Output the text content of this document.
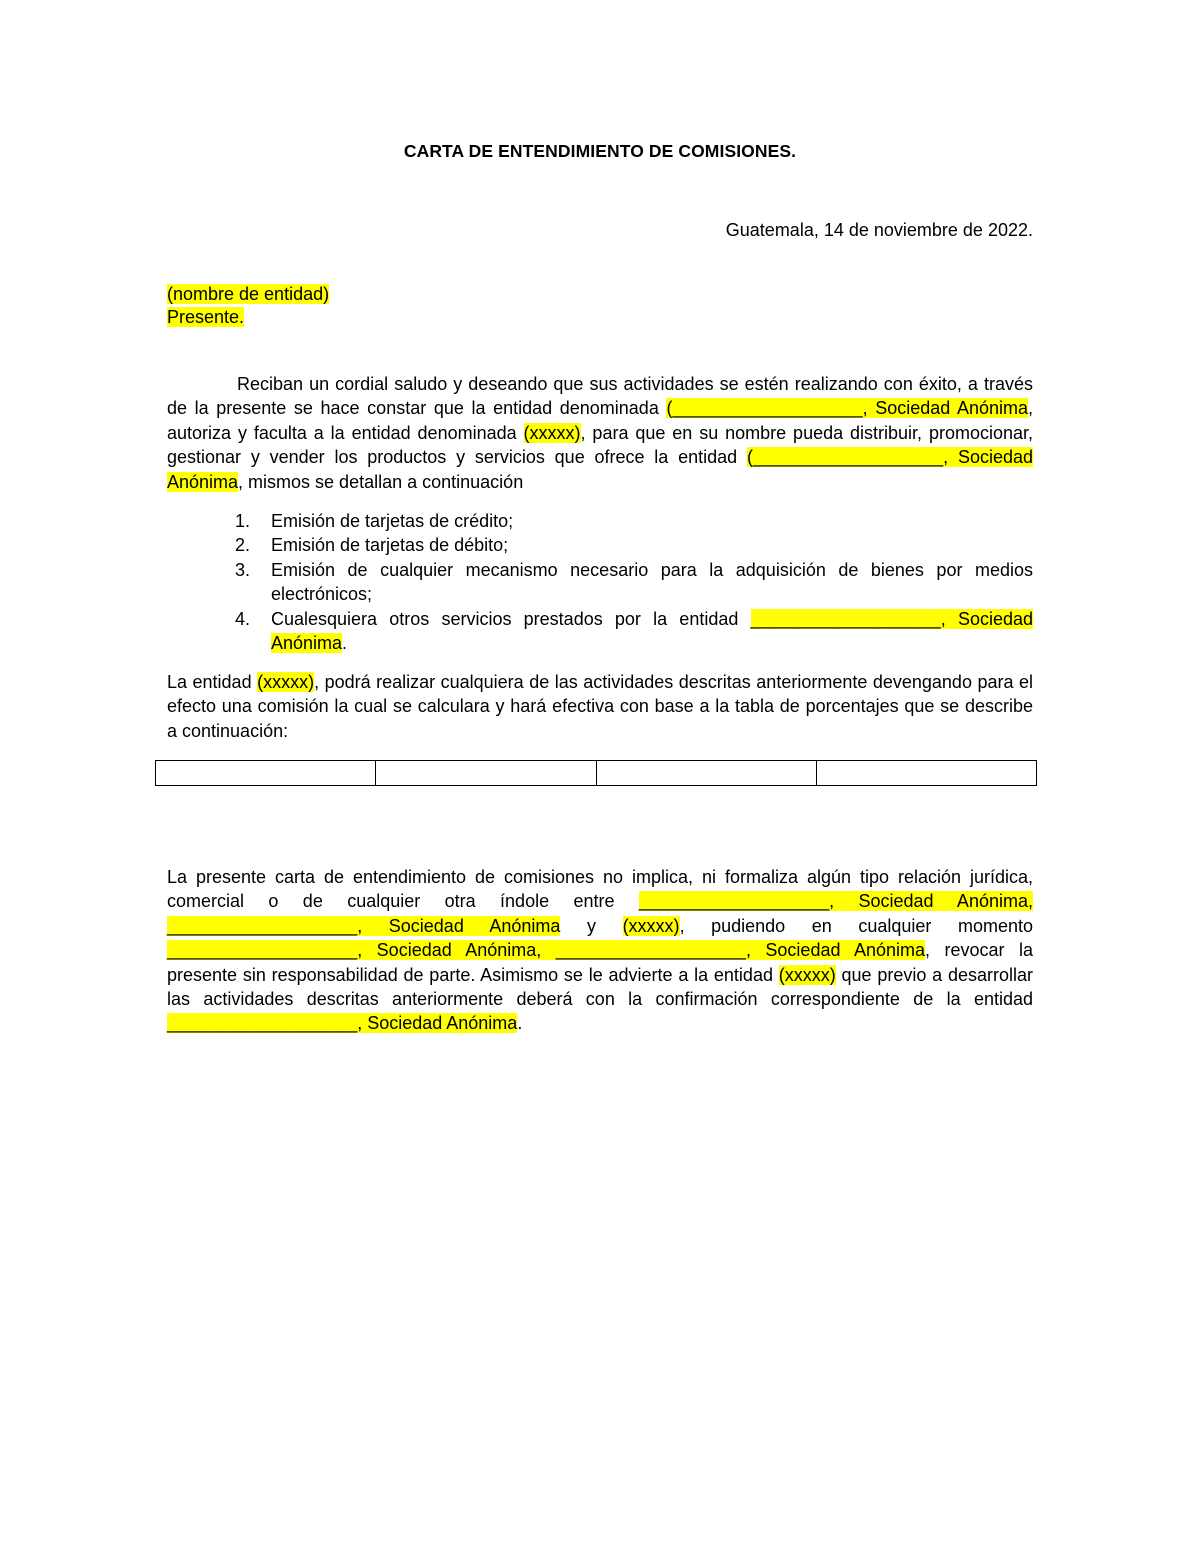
CARTA DE ENTENDIMIENTO DE COMISIONES.
Guatemala, 14 de noviembre de 2022.
(nombre de entidad)
Presente.
Reciban un cordial saludo y deseando que sus actividades se estén realizando con éxito, a través de la presente se hace constar que la entidad denominada (___________________, Sociedad Anónima, autoriza y faculta a la entidad denominada (xxxxx), para que en su nombre pueda distribuir, promocionar, gestionar y vender los productos y servicios que ofrece la entidad (___________________, Sociedad Anónima, mismos se detallan a continuación
1. Emisión de tarjetas de crédito;
2. Emisión de tarjetas de débito;
3. Emisión de cualquier mecanismo necesario para la adquisición de bienes por medios electrónicos;
4. Cualesquiera otros servicios prestados por la entidad ___________________, Sociedad Anónima.
La entidad (xxxxx), podrá realizar cualquiera de las actividades descritas anteriormente devengando para el efecto una comisión la cual se calculara y hará efectiva con base a la tabla de porcentajes que se describe a continuación:

La presente carta de entendimiento de comisiones no implica, ni formaliza algún tipo relación jurídica, comercial o de cualquier otra índole entre ___________________, Sociedad Anónima, ___________________, Sociedad Anónima y (xxxxx), pudiendo en cualquier momento ___________________, Sociedad Anónima, ___________________, Sociedad Anónima, revocar la presente sin responsabilidad de parte. Asimismo se le advierte a la entidad (xxxxx) que previo a desarrollar las actividades descritas anteriormente deberá con la confirmación correspondiente de la entidad ___________________, Sociedad Anónima.
